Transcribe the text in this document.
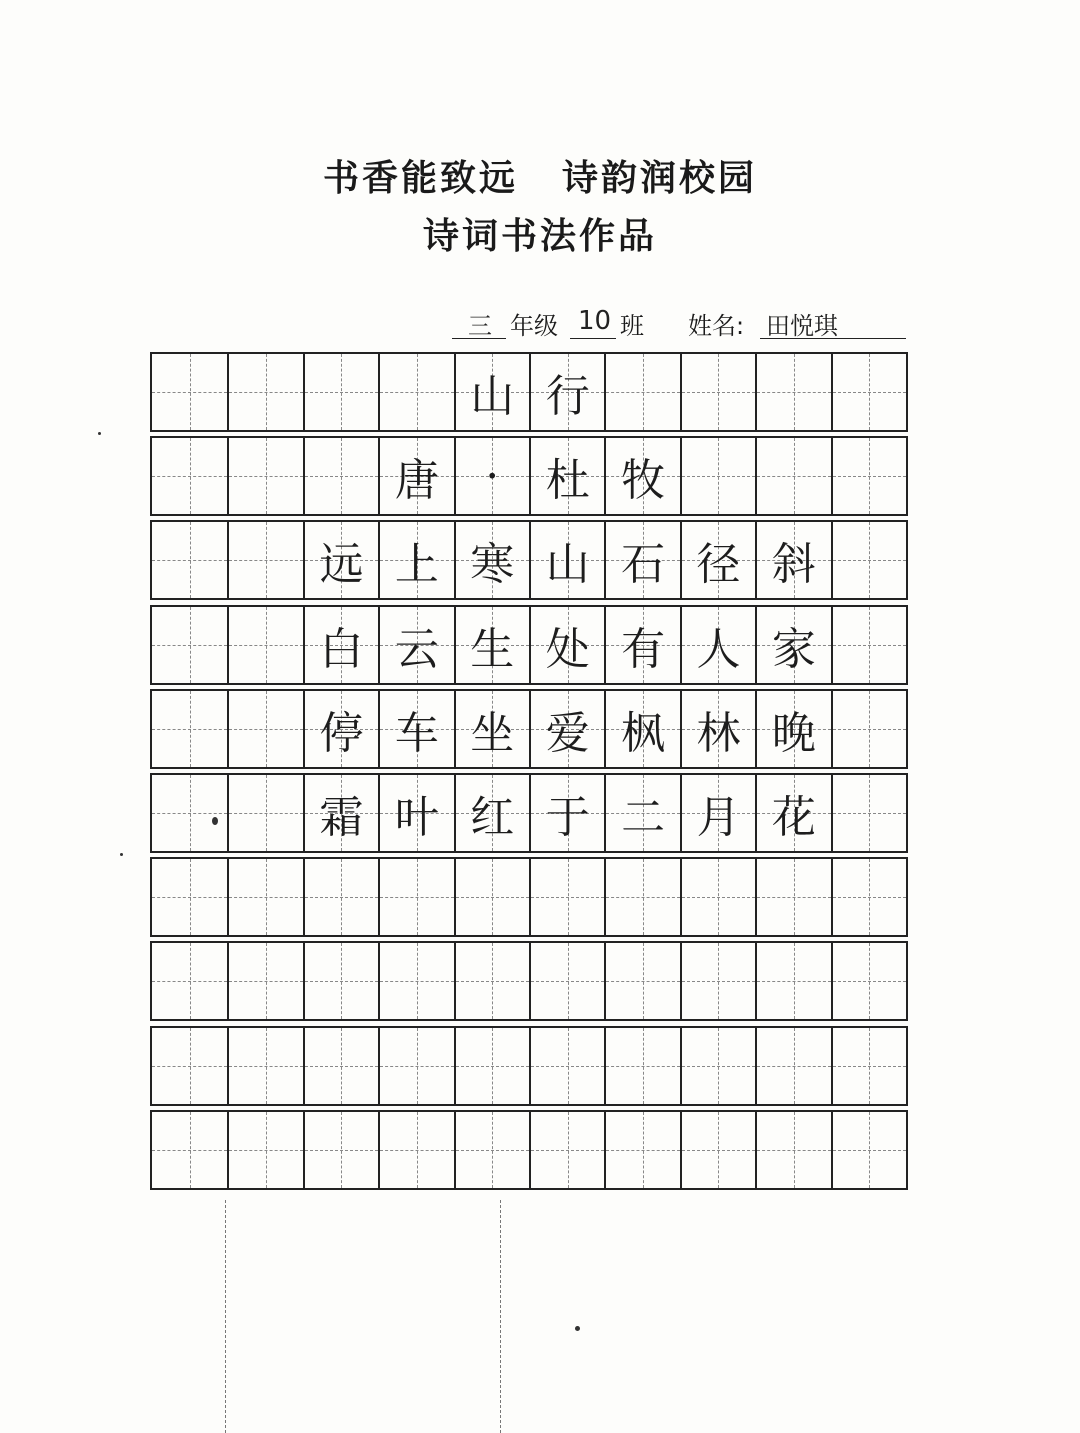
书香能致远 诗韵润校园
诗词书法作品
三 年级 10 班 姓名: 田悦琪
山 行
唐	·	杜 牧
远 上 寒 山 石 径 斜
白 云 生 处 有 人 家
停 车 坐 爱 枫 林 晚
霜 叶 红 于 二 月 花
